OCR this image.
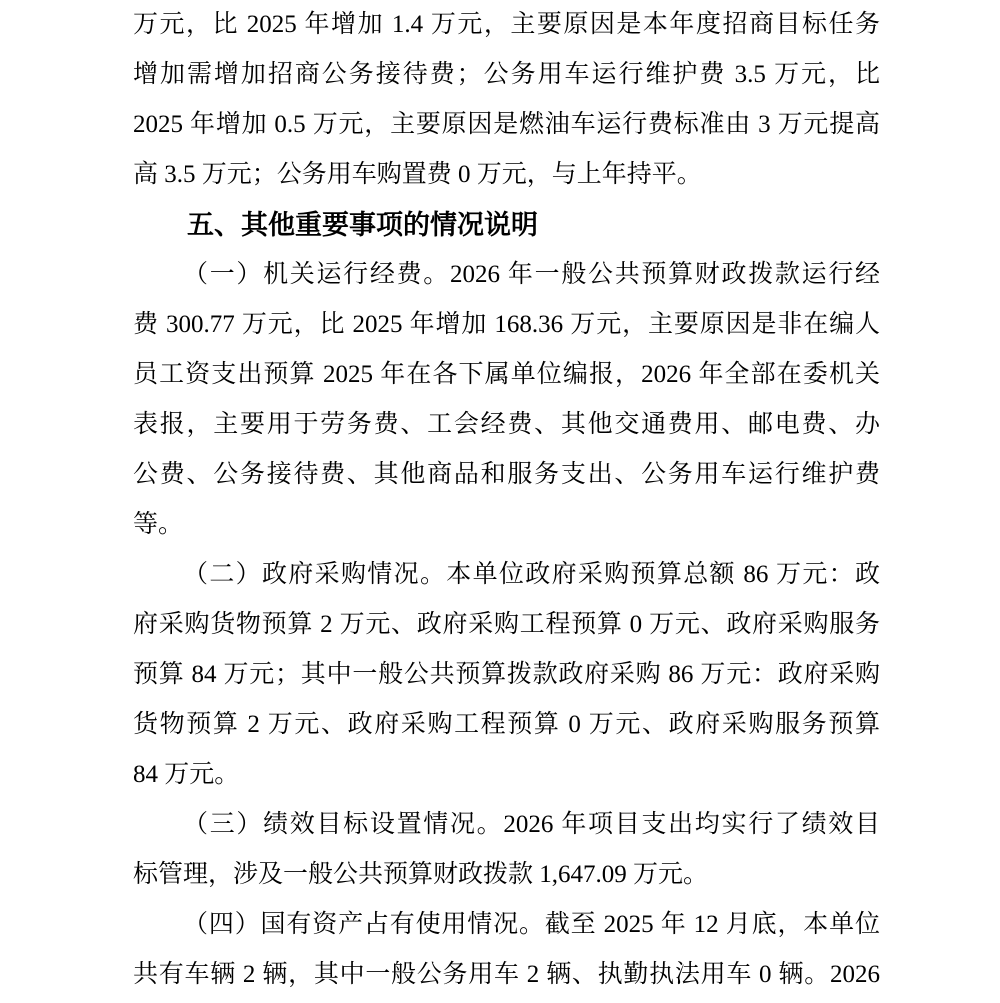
万元，比 2025 年增加 1.4 万元，主要原因是本年度招商目标任务
增加需增加招商公务接待费；公务用车运行维护费 3.5 万元，比
2025 年增加 0.5 万元，主要原因是燃油车运行费标准由 3 万元提高
高 3.5 万元；公务用车购置费 0 万元，与上年持平。
五、其他重要事项的情况说明
（一）机关运行经费。2026 年一般公共预算财政拨款运行经
费 300.77 万元，比 2025 年增加 168.36 万元，主要原因是非在编人
员工资支出预算 2025 年在各下属单位编报，2026 年全部在委机关
表报，主要用于劳务费、工会经费、其他交通费用、邮电费、办
公费、公务接待费、其他商品和服务支出、公务用车运行维护费
等。
（二）政府采购情况。本单位政府采购预算总额 86 万元：政
府采购货物预算 2 万元、政府采购工程预算 0 万元、政府采购服务
预算 84 万元；其中一般公共预算拨款政府采购 86 万元：政府采购
货物预算 2 万元、政府采购工程预算 0 万元、政府采购服务预算
84 万元。
（三）绩效目标设置情况。2026 年项目支出均实行了绩效目
标管理，涉及一般公共预算财政拨款 1,647.09 万元。
（四）国有资产占有使用情况。截至 2025 年 12 月底，本单位
共有车辆 2 辆，其中一般公务用车 2 辆、执勤执法用车 0 辆。2026
